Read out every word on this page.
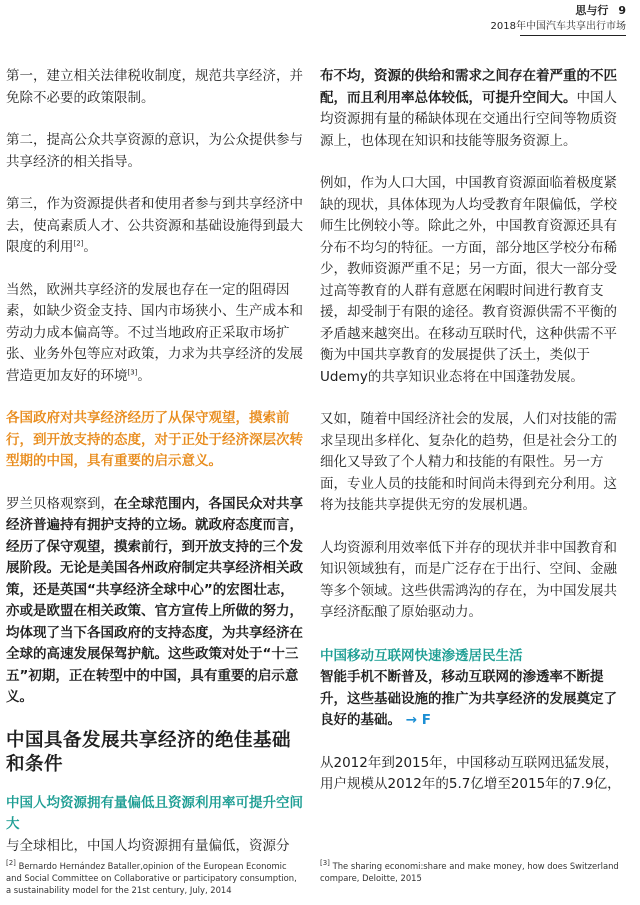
思与行 9
2018年中国汽车共享出行市场

第一，建立相关法律税收制度，规范共享经济，并免除不必要的政策限制。

第二，提高公众共享资源的意识，为公众提供参与共享经济的相关指导。

第三，作为资源提供者和使用者参与到共享经济中去，使高素质人才、公共资源和基础设施得到最大限度的利用[2]。

当然，欧洲共享经济的发展也存在一定的阻碍因素，如缺少资金支持、国内市场狭小、生产成本和劳动力成本偏高等。不过当地政府正采取市场扩张、业务外包等应对政策，力求为共享经济的发展营造更加友好的环境[3]。

各国政府对共享经济经历了从保守观望，摸索前行，到开放支持的态度，对于正处于经济深层次转型期的中国，具有重要的启示意义。

罗兰贝格观察到，在全球范围内，各国民众对共享经济普遍持有拥护支持的立场。就政府态度而言，经历了保守观望，摸索前行，到开放支持的三个发展阶段。无论是美国各州政府制定共享经济相关政策，还是英国“共享经济全球中心”的宏图壮志，亦或是欧盟在相关政策、官方宣传上所做的努力，均体现了当下各国政府的支持态度，为共享经济在全球的高速发展保驾护航。这些政策对处于“十三五”初期，正在转型中的中国，具有重要的启示意义。

中国具备发展共享经济的绝佳基础和条件

中国人均资源拥有量偏低且资源利用率可提升空间大

与全球相比，中国人均资源拥有量偏低，资源分

布不均，资源的供给和需求之间存在着严重的不匹配，而且利用率总体较低，可提升空间大。中国人均资源拥有量的稀缺体现在交通出行空间等物质资源上，也体现在知识和技能等服务资源上。

例如，作为人口大国，中国教育资源面临着极度紧缺的现状，具体体现为人均受教育年限偏低，学校师生比例较小等。除此之外，中国教育资源还具有分布不均匀的特征。一方面，部分地区学校分布稀少，教师资源严重不足；另一方面，很大一部分受过高等教育的人群有意愿在闲暇时间进行教育支援，却受制于有限的途径。教育资源供需不平衡的矛盾越来越突出。在移动互联时代，这种供需不平衡为中国共享教育的发展提供了沃土，类似于Udemy的共享知识业态将在中国蓬勃发展。

又如，随着中国经济社会的发展，人们对技能的需求呈现出多样化、复杂化的趋势，但是社会分工的细化又导致了个人精力和技能的有限性。另一方面，专业人员的技能和时间尚未得到充分利用。这将为技能共享提供无穷的发展机遇。

人均资源利用效率低下并存的现状并非中国教育和知识领域独有，而是广泛存在于出行、空间、金融等多个领域。这些供需鸿沟的存在，为中国发展共享经济酝酿了原始驱动力。

中国移动互联网快速渗透居民生活

智能手机不断普及，移动互联网的渗透率不断提升，这些基础设施的推广为共享经济的发展奠定了良好的基础。 → F

从2012年到2015年，中国移动互联网迅猛发展，用户规模从2012年的5.7亿增至2015年的7.9亿，

[2] Bernardo Hernández Bataller,opinion of the European Economic and Social Committee on Collaborative or participatory consumption, a sustainability model for the 21st century, July, 2014
[3] The sharing economi:share and make money, how does Switzerland compare, Deloitte, 2015
